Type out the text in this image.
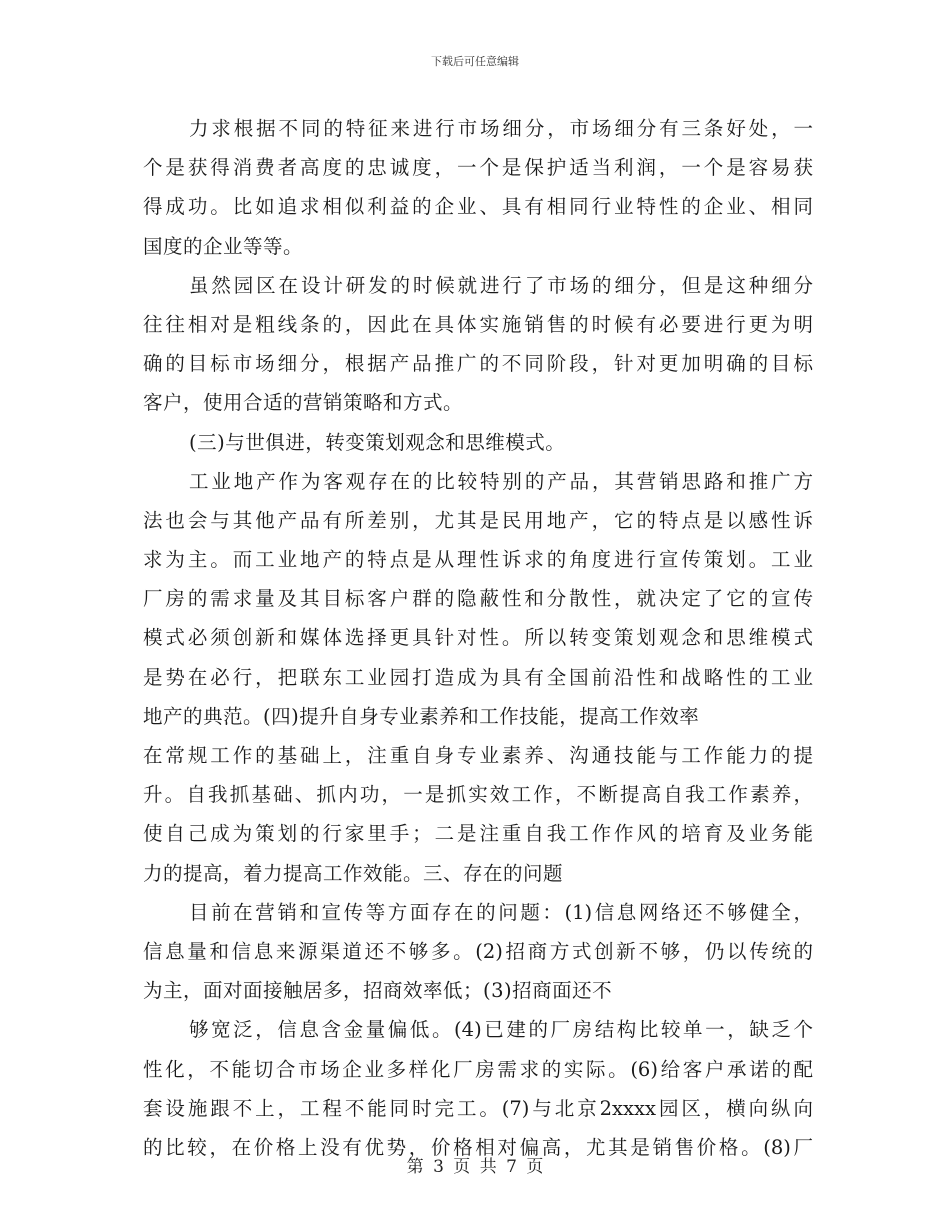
下载后可任意编辑
力求根据不同的特征来进行市场细分，市场细分有三条好处，一
个是获得消费者高度的忠诚度，一个是保护适当利润，一个是容易获
得成功。比如追求相似利益的企业、具有相同行业特性的企业、相同
国度的企业等等。
虽然园区在设计研发的时候就进行了市场的细分，但是这种细分
往往相对是粗线条的，因此在具体实施销售的时候有必要进行更为明
确的目标市场细分，根据产品推广的不同阶段，针对更加明确的目标
客户，使用合适的营销策略和方式。
(三)与世俱进，转变策划观念和思维模式。
工业地产作为客观存在的比较特别的产品，其营销思路和推广方
法也会与其他产品有所差别，尤其是民用地产，它的特点是以感性诉
求为主。而工业地产的特点是从理性诉求的角度进行宣传策划。工业
厂房的需求量及其目标客户群的隐蔽性和分散性，就决定了它的宣传
模式必须创新和媒体选择更具针对性。所以转变策划观念和思维模式
是势在必行，把联东工业园打造成为具有全国前沿性和战略性的工业
地产的典范。(四)提升自身专业素养和工作技能，提高工作效率
在常规工作的基础上，注重自身专业素养、沟通技能与工作能力的提
升。自我抓基础、抓内功，一是抓实效工作，不断提高自我工作素养，
使自己成为策划的行家里手；二是注重自我工作作风的培育及业务能
力的提高，着力提高工作效能。三、存在的问题
目前在营销和宣传等方面存在的问题：(1)信息网络还不够健全，
信息量和信息来源渠道还不够多。(2)招商方式创新不够，仍以传统的
为主，面对面接触居多，招商效率低；(3)招商面还不
够宽泛，信息含金量偏低。(4)已建的厂房结构比较单一，缺乏个
性化，不能切合市场企业多样化厂房需求的实际。(6)给客户承诺的配
套设施跟不上，工程不能同时完工。(7)与北京2xxxx园区，横向纵向
的比较，在价格上没有优势，价格相对偏高，尤其是销售价格。(8)厂
第 3 页 共 7 页
